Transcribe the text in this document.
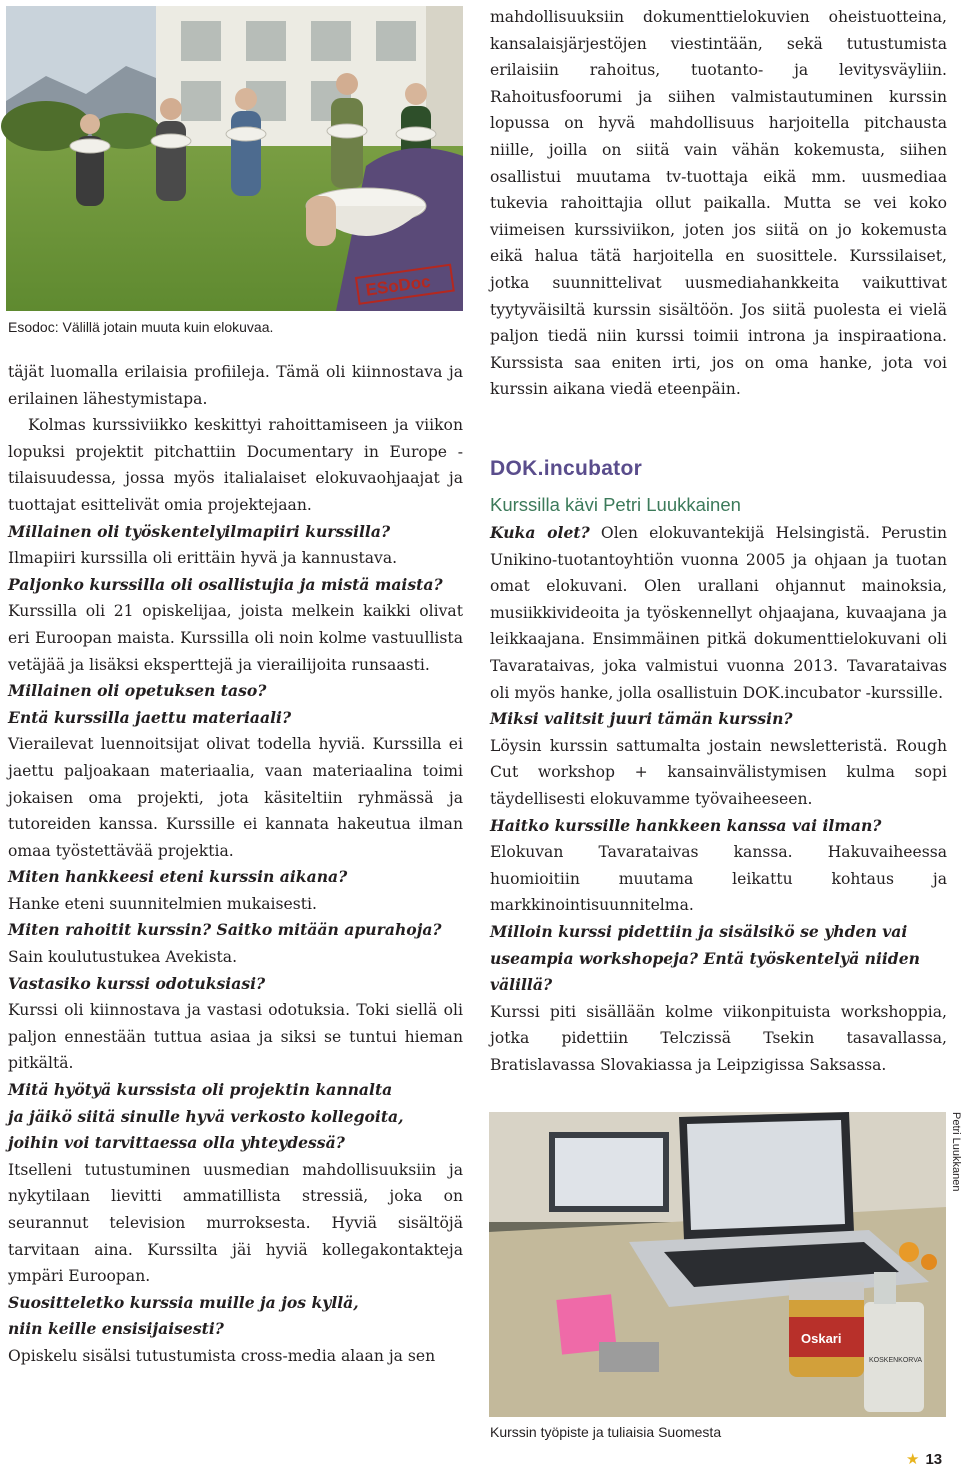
ESoDoc
Esodoc: Välillä jotain muuta kuin elokuvaa.

täjät luomalla erilaisia profiileja. Tämä oli kiinnostava ja erilainen lähestymistapa.

Kolmas kurssiviikko keskittyi rahoittamiseen ja viikon lopuksi projektit pitchattiin Documentary in Europe -tilaisuudessa, jossa myös italialaiset elokuvaohjaajat ja tuottajat esittelivät omia projektejaan.

Millainen oli työskentelyilmapiiri kurssilla?

Ilmapiiri kurssilla oli erittäin hyvä ja kannustava.

Paljonko kurssilla oli osallistujia ja mistä maista?

Kurssilla oli 21 opiskelijaa, joista melkein kaikki olivat eri Euroopan maista. Kurssilla oli noin kolme vastuullista vetäjää ja lisäksi eksperttejä ja vierailijoita runsaasti.

Millainen oli opetuksen taso?

Entä kurssilla jaettu materiaali?

Vierailevat luennoitsijat olivat todella hyviä. Kurssilla ei jaettu paljoakaan materiaalia, vaan materiaalina toimi jokaisen oma projekti, jota käsiteltiin ryhmässä ja tutoreiden kanssa. Kurssille ei kannata hakeutua ilman omaa työstettävää projektia.

Miten hankkeesi eteni kurssin aikana?

Hanke eteni suunnitelmien mukaisesti.

Miten rahoitit kurssin? Saitko mitään apurahoja?

Sain koulutustukea Avekista.

Vastasiko kurssi odotuksiasi?

Kurssi oli kiinnostava ja vastasi odotuksia. Toki siellä oli paljon ennestään tuttua asiaa ja siksi se tuntui hieman pitkältä.

Mitä hyötyä kurssista oli projektin kannalta

ja jäikö siitä sinulle hyvä verkosto kollegoita,

joihin voi tarvittaessa olla yhteydessä?

Itselleni tutustuminen uusmedian mahdollisuuksiin ja nykytilaan lievitti ammatillista stressiä, joka on seurannut television murroksesta. Hyviä sisältöjä tarvitaan aina. Kurssilta jäi hyviä kollegakontakteja ympäri Euroopan.

Suositteletko kurssia muille ja jos kyllä,

niin keille ensisijaisesti?

Opiskelu sisälsi tutustumista cross-media alaan ja sen

mahdollisuuksiin dokumenttielokuvien oheistuotteina, kansalaisjärjestöjen viestintään, sekä tutustumista erilaisiin rahoitus, tuotanto- ja levitysväyliin. Rahoitusfoorumi ja siihen valmistautuminen kurssin lopussa on hyvä mahdollisuus harjoitella pitchausta niille, joilla on siitä vain vähän kokemusta, siihen osallistui muutama tv-tuottaja eikä mm. uusmediaa tukevia rahoittajia ollut paikalla. Mutta se vei koko viimeisen kurssiviikon, joten jos siitä on jo kokemusta eikä halua tätä harjoitella en suosittele. Kurssilaiset, jotka suunnittelivat uusmediahankkeita vaikuttivat tyytyväisiltä kurssin sisältöön. Jos siitä puolesta ei vielä paljon tiedä niin kurssi toimii introna ja inspiraationa. Kurssista saa eniten irti, jos on oma hanke, jota voi kurssin aikana viedä eteenpäin.

DOK.incubator
Kurssilla kävi Petri Luukkainen

Kuka olet? Olen elokuvantekijä Helsingistä. Perustin Unikino-tuotantoyhtiön vuonna 2005 ja ohjaan ja tuotan omat elokuvani. Olen urallani ohjannut mainoksia, musiikkivideoita ja työskennellyt ohjaajana, kuvaajana ja leikkaajana. Ensimmäinen pitkä dokumenttielokuvani oli Tavarataivas, joka valmistui vuonna 2013. Tavarataivas oli myös hanke, jolla osallistuin DOK.incubator -kurssille.

Miksi valitsit juuri tämän kurssin?

Löysin kurssin sattumalta jostain newsletteristä. Rough Cut workshop + kansainvälistymisen kulma sopi täydellisesti elokuvamme työvaiheeseen.

Haitko kurssille hankkeen kanssa vai ilman?

Elokuvan Tavarataivas kanssa. Hakuvaiheessa huomioitiin muutama leikattu kohtaus ja markkinointisuunnitelma.

Milloin kurssi pidettiin ja sisälsikö se yhden vai useampia workshopeja? Entä työskentelyä niiden välillä?

Kurssi piti sisällään kolme viikonpituista workshoppia, jotka pidettiin Telczissä Tsekin tasavallassa, Bratislavassa Slovakiassa ja Leipzigissa Saksassa.

Oskari
KOSKENKORVA
Petri Luukkanen
Kurssin työpiste ja tuliaisia Suomesta
★ 13
